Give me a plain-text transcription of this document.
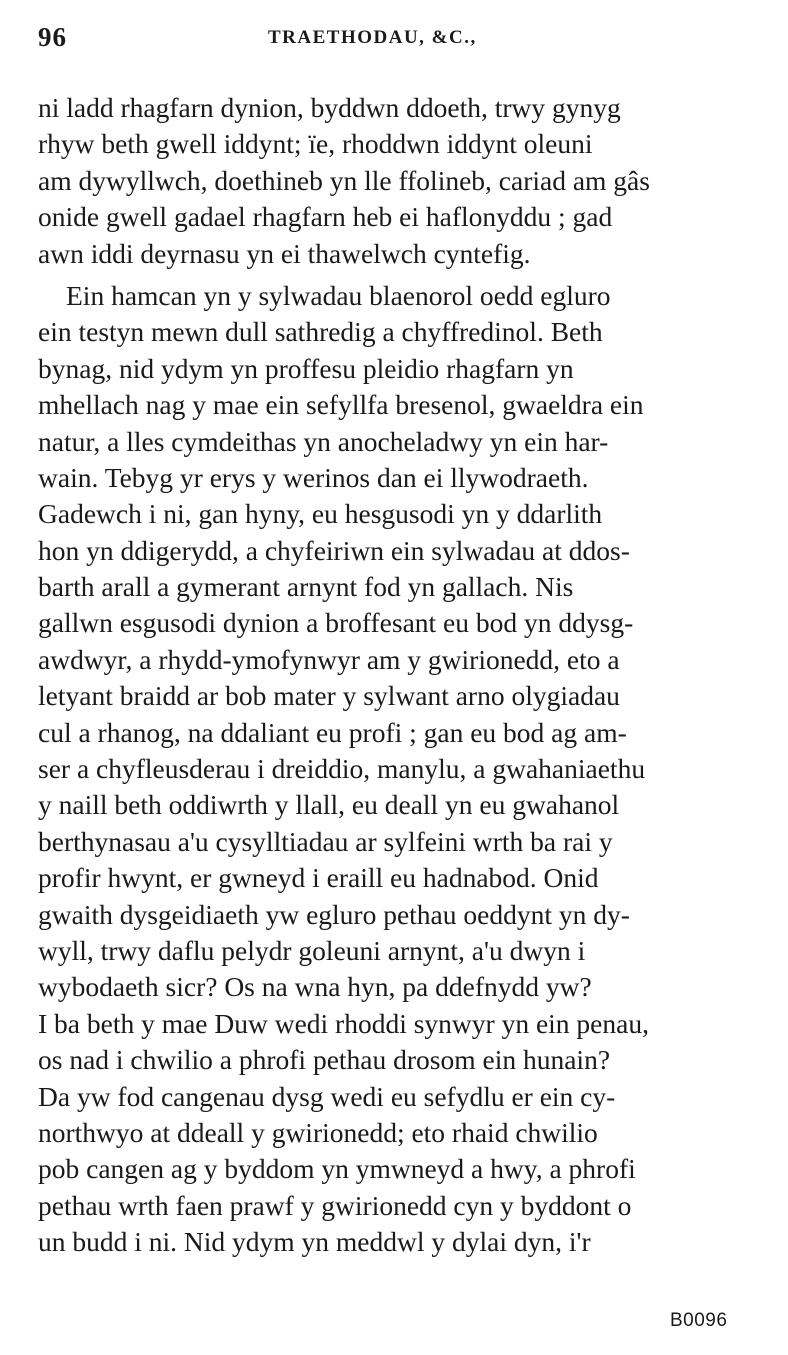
96	TRAETHODAU, &C.,
ni ladd rhagfarn dynion, byddwn ddoeth, trwy gynyg
rhyw beth gwell iddynt; ïe, rhoddwn iddynt oleuni
am dywyllwch, doethineb yn lle ffolineb, cariad am gâs
onide gwell gadael rhagfarn heb ei haflonyddu ; gad
awn iddi deyrnasu yn ei thawelwch cyntefig.
Ein hamcan yn y sylwadau blaenorol oedd egluro
ein testyn mewn dull sathredig a chyffredinol. Beth
bynag, nid ydym yn proffesu pleidio rhagfarn yn
mhellach nag y mae ein sefyllfa bresenol, gwaeldra ein
natur, a lles cymdeithas yn anocheladwy yn ein har-
wain. Tebyg yr erys y werinos dan ei llywodraeth.
Gadewch i ni, gan hyny, eu hesgusodi yn y ddarlith
hon yn ddigerydd, a chyfeiriwn ein sylwadau at ddos-
barth arall a gymerant arnynt fod yn gallach. Nis
gallwn esgusodi dynion a broffesant eu bod yn ddysg-
awdwyr, a rhydd-ymofynwyr am y gwirionedd, eto a
letyant braidd ar bob mater y sylwant arno olygiadau
cul a rhanog, na ddaliant eu profi ; gan eu bod ag am-
ser a chyfleusderau i dreiddio, manylu, a gwahaniaethu
y naill beth oddiwrth y llall, eu deall yn eu gwahanol
berthynasau a'u cysylltiadau ar sylfeini wrth ba rai y
profir hwynt, er gwneyd i eraill eu hadnabod. Onid
gwaith dysgeidiaeth yw egluro pethau oeddynt yn dy-
wyll, trwy daflu pelydr goleuni arnynt, a'u dwyn i
wybodaeth sicr? Os na wna hyn, pa ddefnydd yw?
I ba beth y mae Duw wedi rhoddi synwyr yn ein penau,
os nad i chwilio a phrofi pethau drosom ein hunain?
Da yw fod cangenau dysg wedi eu sefydlu er ein cy-
northwyo at ddeall y gwirionedd; eto rhaid chwilio
pob cangen ag y byddom yn ymwneyd a hwy, a phrofi
pethau wrth faen prawf y gwirionedd cyn y byddont o
un budd i ni. Nid ydym yn meddwl y dylai dyn, i'r
B0096
